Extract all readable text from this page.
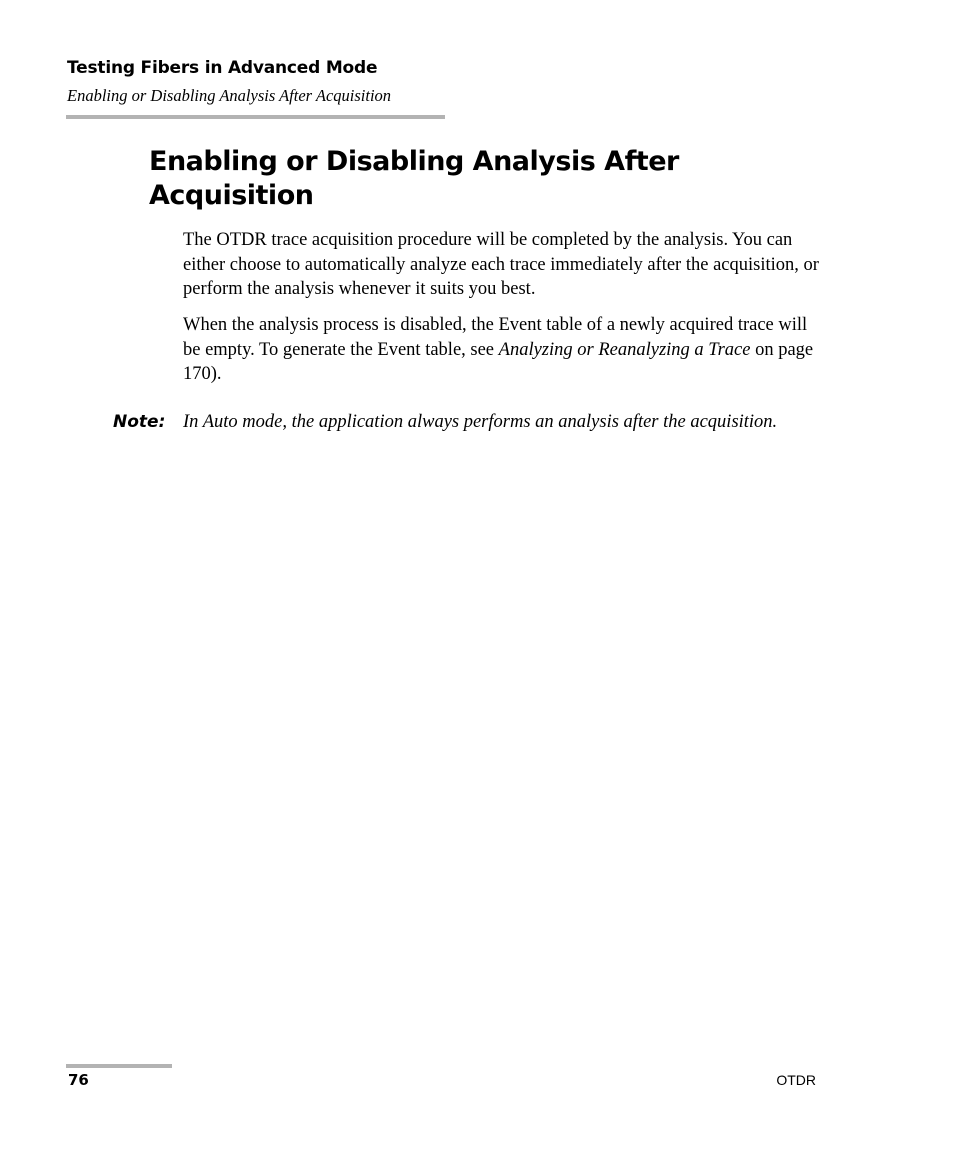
Testing Fibers in Advanced Mode
Enabling or Disabling Analysis After Acquisition
Enabling or Disabling Analysis After Acquisition

The OTDR trace acquisition procedure will be completed by the analysis. You can either choose to automatically analyze each trace immediately after the acquisition, or perform the analysis whenever it suits you best.

When the analysis process is disabled, the Event table of a newly acquired trace will be empty. To generate the Event table, see Analyzing or Reanalyzing a Trace on page 170).

Note: In Auto mode, the application always performs an analysis after the acquisition.

76	OTDR
